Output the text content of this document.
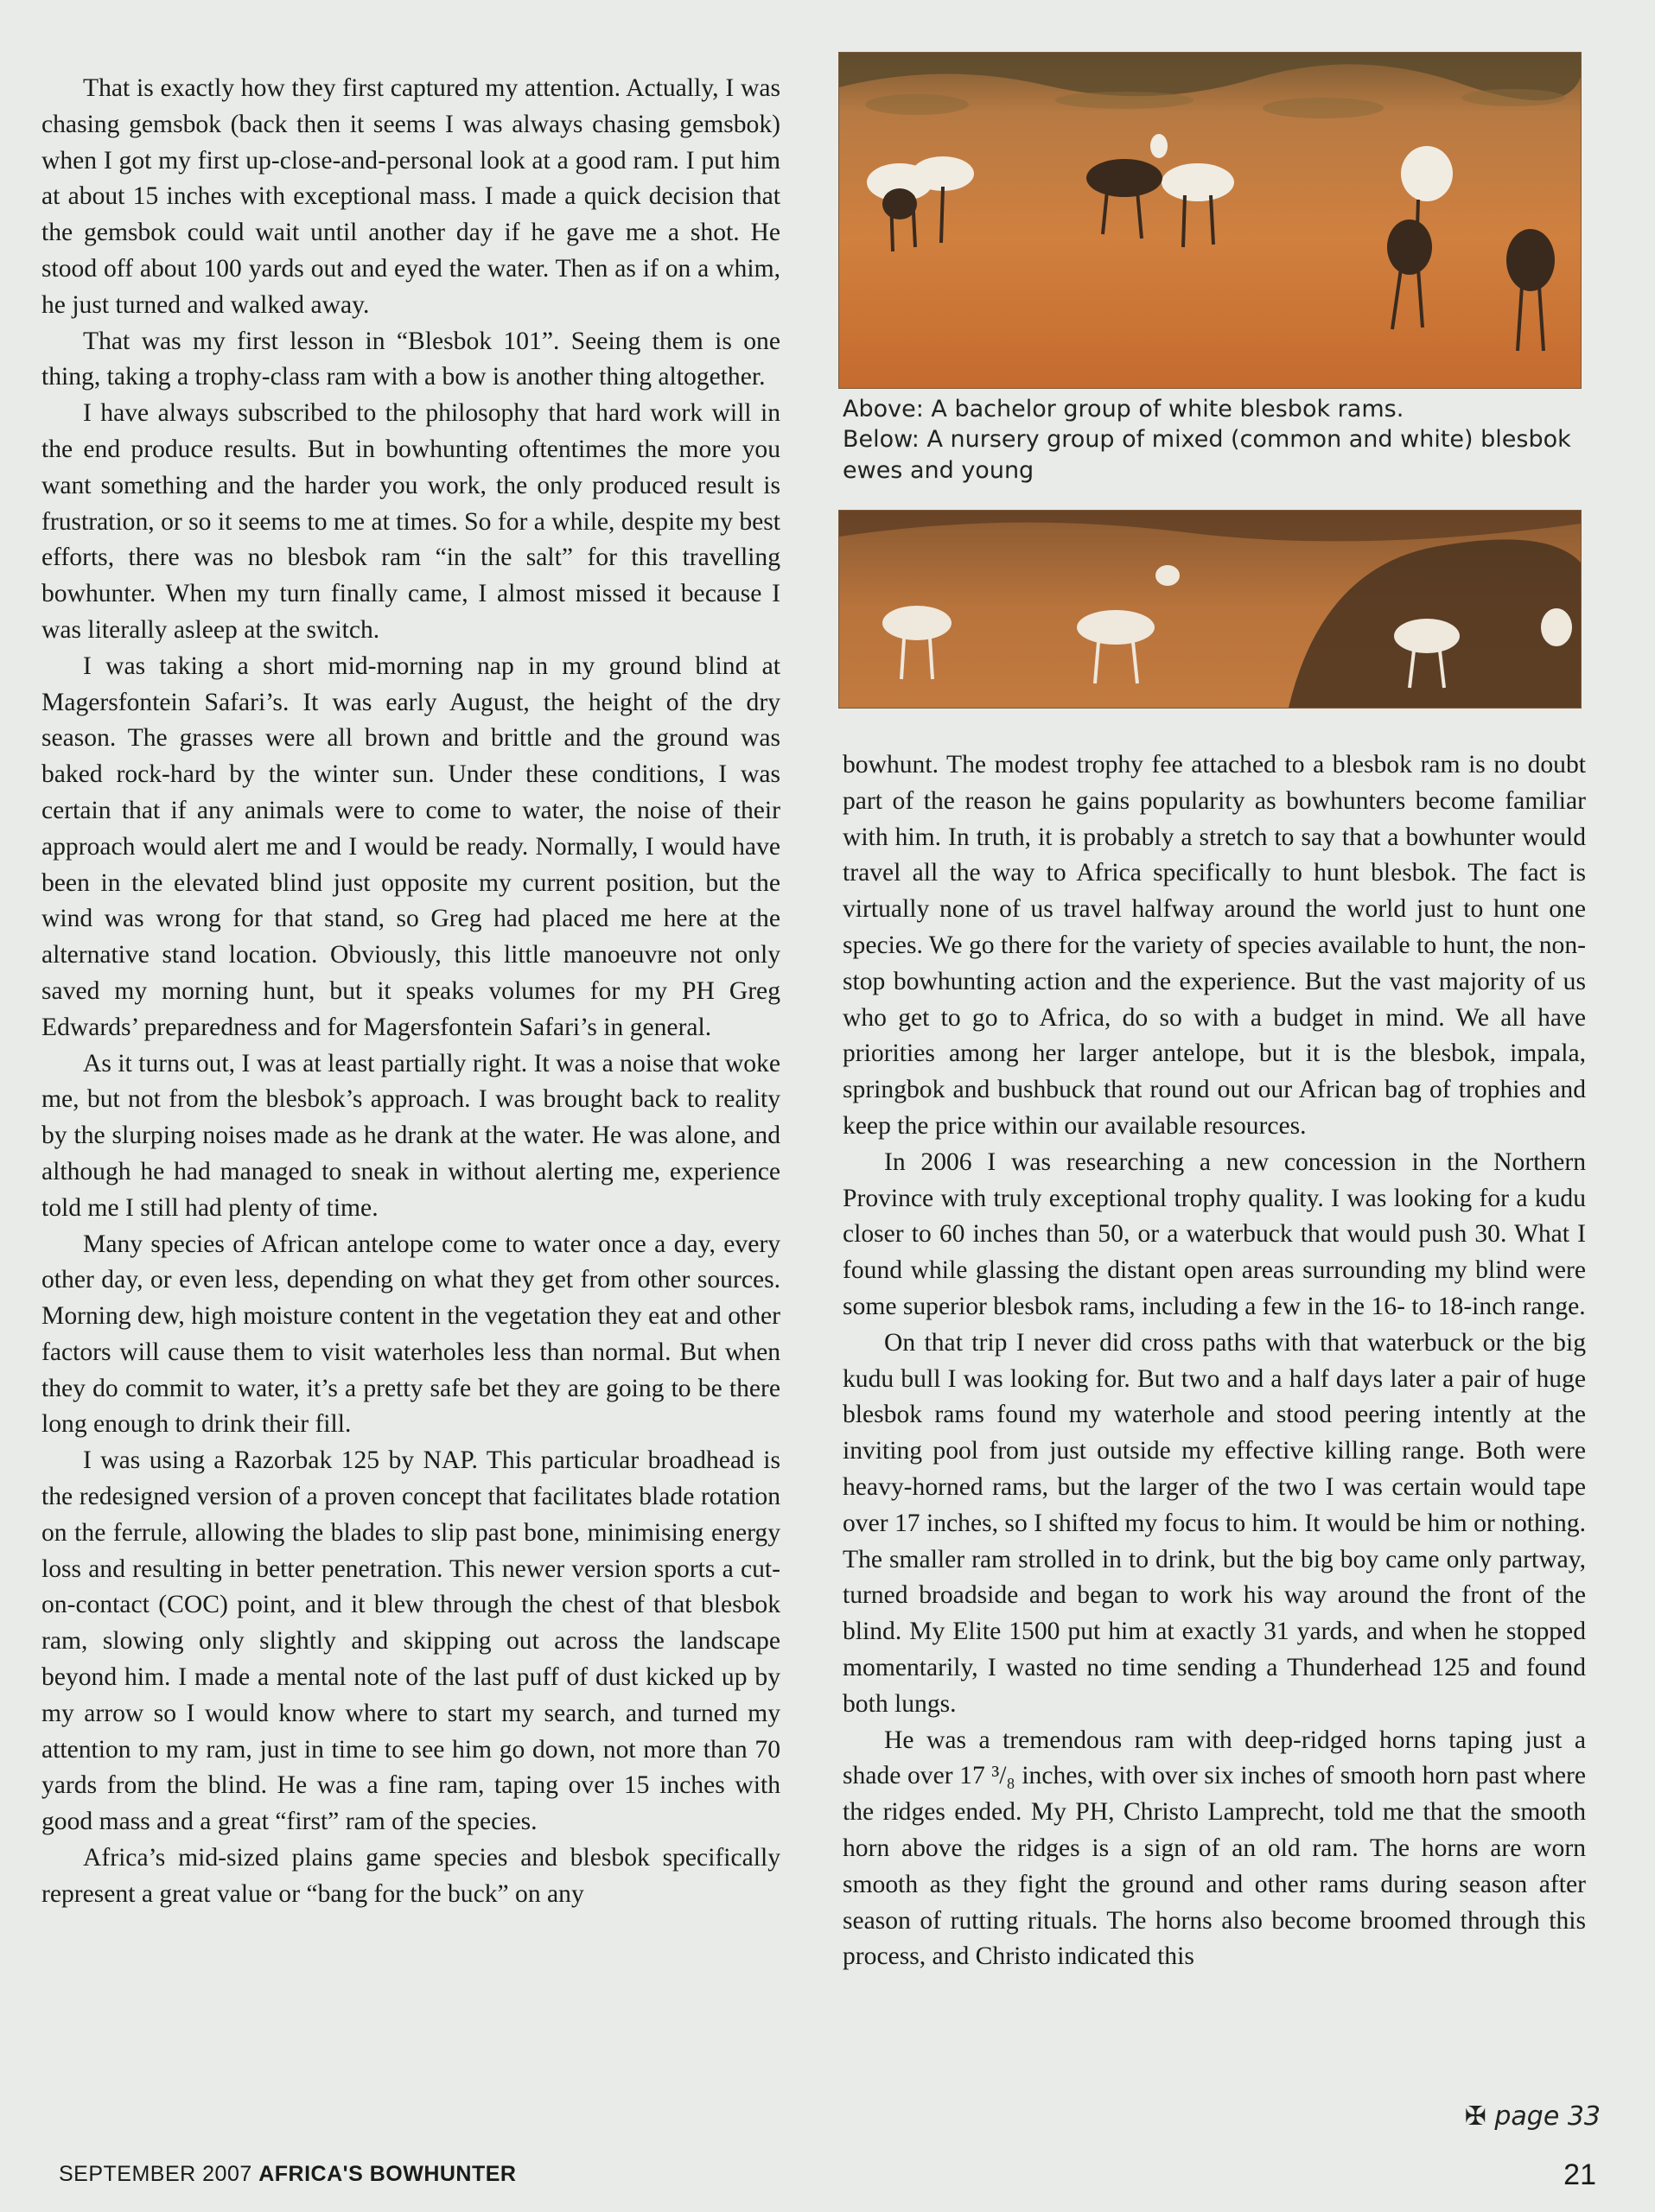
That is exactly how they first captured my attention. Actually, I was chasing gemsbok (back then it seems I was always chasing gemsbok) when I got my first up-close-and-personal look at a good ram. I put him at about 15 inches with exceptional mass. I made a quick decision that the gemsbok could wait until another day if he gave me a shot. He stood off about 100 yards out and eyed the water. Then as if on a whim, he just turned and walked away.

That was my first lesson in “Blesbok 101”. Seeing them is one thing, taking a trophy-class ram with a bow is another thing altogether.

I have always subscribed to the philosophy that hard work will in the end produce results. But in bowhunting oftentimes the more you want something and the harder you work, the only produced result is frustration, or so it seems to me at times. So for a while, despite my best efforts, there was no blesbok ram “in the salt” for this travelling bowhunter. When my turn finally came, I almost missed it because I was literally asleep at the switch.

I was taking a short mid-morning nap in my ground blind at Magersfontein Safari’s. It was early August, the height of the dry season. The grasses were all brown and brittle and the ground was baked rock-hard by the winter sun. Under these conditions, I was certain that if any animals were to come to water, the noise of their approach would alert me and I would be ready. Normally, I would have been in the elevated blind just opposite my current position, but the wind was wrong for that stand, so Greg had placed me here at the alternative stand location. Obviously, this little manoeuvre not only saved my morning hunt, but it speaks volumes for my PH Greg Edwards’ preparedness and for Magersfontein Safari’s in general.

As it turns out, I was at least partially right. It was a noise that woke me, but not from the blesbok’s approach. I was brought back to reality by the slurping noises made as he drank at the water. He was alone, and although he had managed to sneak in without alerting me, experience told me I still had plenty of time.

Many species of African antelope come to water once a day, every other day, or even less, depending on what they get from other sources. Morning dew, high moisture content in the vegetation they eat and other factors will cause them to visit waterholes less than normal. But when they do commit to water, it’s a pretty safe bet they are going to be there long enough to drink their fill.

I was using a Razorbak 125 by NAP. This particular broadhead is the redesigned version of a proven concept that facilitates blade rotation on the ferrule, allowing the blades to slip past bone, minimising energy loss and resulting in better penetration. This newer version sports a cut-on-contact (COC) point, and it blew through the chest of that blesbok ram, slowing only slightly and skipping out across the landscape beyond him. I made a mental note of the last puff of dust kicked up by my arrow so I would know where to start my search, and turned my attention to my ram, just in time to see him go down, not more than 70 yards from the blind. He was a fine ram, taping over 15 inches with good mass and a great “first” ram of the species.

Africa’s mid-sized plains game species and blesbok specifically represent a great value or “bang for the buck” on any

Above: A bachelor group of white blesbok rams.
Below: A nursery group of mixed (common and white) blesbok ewes and young

bowhunt. The modest trophy fee attached to a blesbok ram is no doubt part of the reason he gains popularity as bowhunters become familiar with him. In truth, it is probably a stretch to say that a bowhunter would travel all the way to Africa specifically to hunt blesbok. The fact is virtually none of us travel halfway around the world just to hunt one species. We go there for the variety of species available to hunt, the non-stop bowhunting action and the experience. But the vast majority of us who get to go to Africa, do so with a budget in mind. We all have priorities among her larger antelope, but it is the blesbok, impala, springbok and bushbuck that round out our African bag of trophies and keep the price within our available resources.

In 2006 I was researching a new concession in the Northern Province with truly exceptional trophy quality. I was looking for a kudu closer to 60 inches than 50, or a waterbuck that would push 30. What I found while glassing the distant open areas surrounding my blind were some superior blesbok rams, including a few in the 16- to 18-inch range.

On that trip I never did cross paths with that waterbuck or the big kudu bull I was looking for. But two and a half days later a pair of huge blesbok rams found my waterhole and stood peering intently at the inviting pool from just outside my effective killing range. Both were heavy-horned rams, but the larger of the two I was certain would tape over 17 inches, so I shifted my focus to him. It would be him or nothing. The smaller ram strolled in to drink, but the big boy came only partway, turned broadside and began to work his way around the front of the blind. My Elite 1500 put him at exactly 31 yards, and when he stopped momentarily, I wasted no time sending a Thunderhead 125 and found both lungs.

He was a tremendous ram with deep-ridged horns taping just a shade over 17 ³/₈ inches, with over six inches of smooth horn past where the ridges ended. My PH, Christo Lamprecht, told me that the smooth horn above the ridges is a sign of an old ram. The horns are worn smooth as they fight the ground and other rams during season after season of rutting rituals. The horns also become broomed through this process, and Christo indicated this

✠ page 33
SEPTEMBER 2007 AFRICA'S BOWHUNTER	21
